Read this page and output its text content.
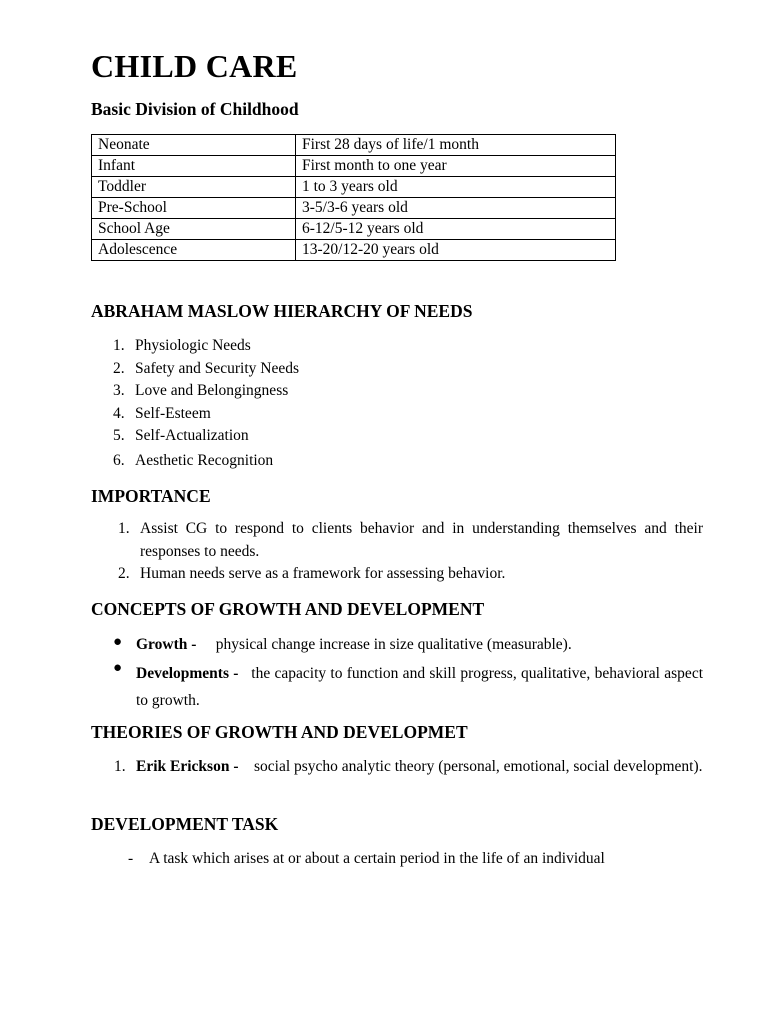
CHILD CARE
Basic Division of Childhood
Neonate	First 28 days of life/1 month
Infant	First month to one year
Toddler	1 to 3 years old
Pre-School	3-5/3-6 years old
School Age	6-12/5-12 years old
Adolescence	13-20/12-20 years old
ABRAHAM MASLOW HIERARCHY OF NEEDS
1. Physiologic Needs
2. Safety and Security Needs
3. Love and Belongingness
4. Self-Esteem
5. Self-Actualization
6. Aesthetic Recognition
IMPORTANCE
1. Assist CG to respond to clients behavior and in understanding themselves and their responses to needs.
2. Human needs serve as a framework for assessing behavior.
CONCEPTS OF GROWTH AND DEVELOPMENT
● Growth - physical change increase in size qualitative (measurable).
● Developments - the capacity to function and skill progress, qualitative, behavioral aspect to growth.
THEORIES OF GROWTH AND DEVELOPMET
1. Erik Erickson - social psycho analytic theory (personal, emotional, social development).
DEVELOPMENT TASK
- A task which arises at or about a certain period in the life of an individual
